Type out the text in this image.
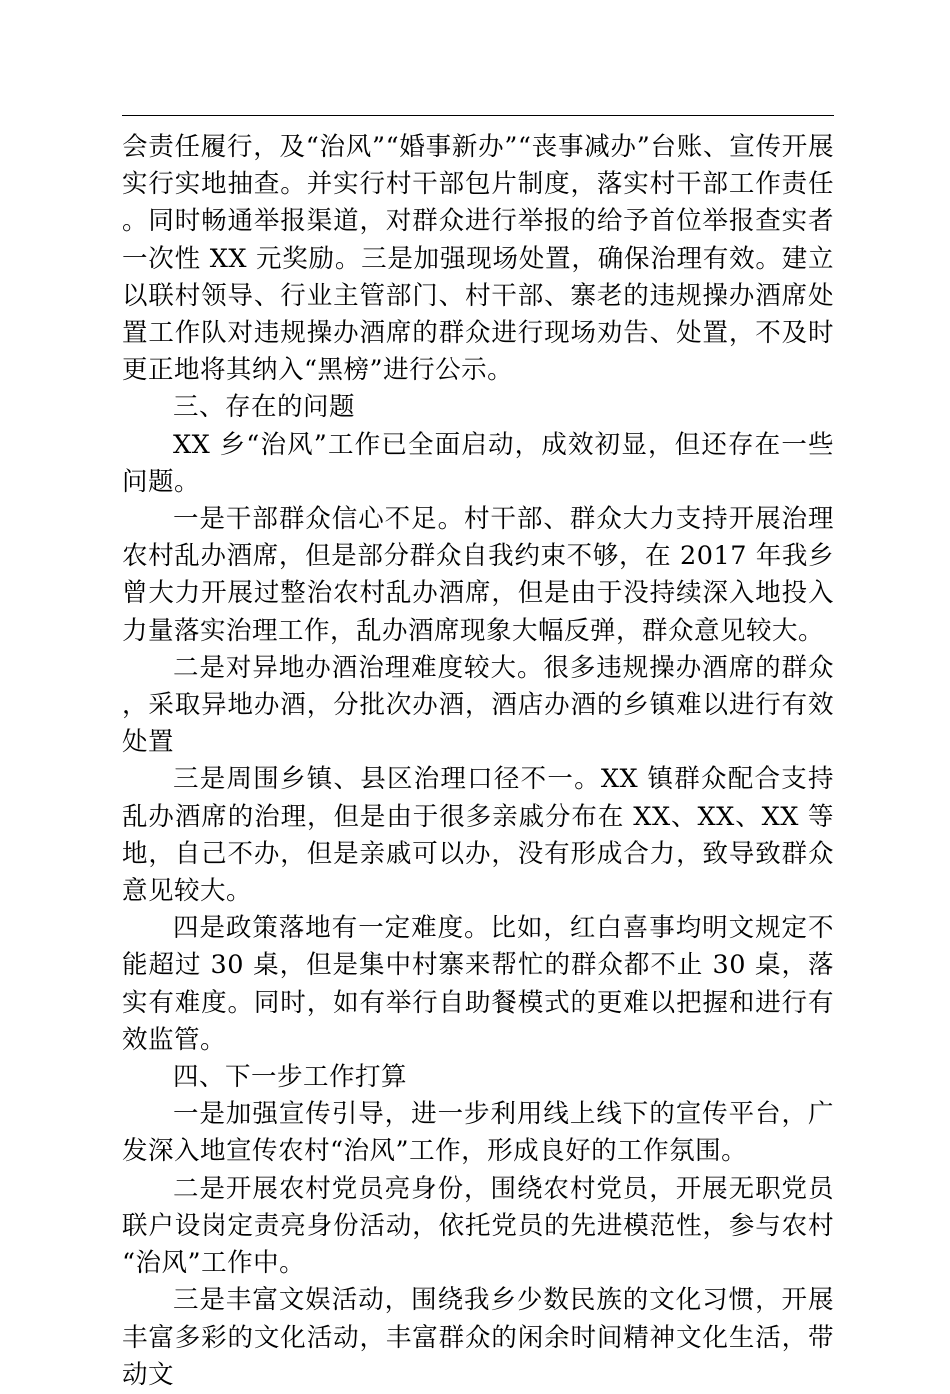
会责任履行，及“治风”“婚事新办”“丧事减办”台账、宣传开展实行实地抽查。并实行村干部包片制度，落实村干部工作责任。同时畅通举报渠道，对群众进行举报的给予首位举报查实者一次性 XX 元奖励。三是加强现场处置，确保治理有效。建立以联村领导、行业主管部门、村干部、寨老的违规操办酒席处置工作队对违规操办酒席的群众进行现场劝告、处置，不及时更正地将其纳入“黑榜”进行公示。

三、存在的问题

XX 乡“治风”工作已全面启动，成效初显，但还存在一些问题。

一是干部群众信心不足。村干部、群众大力支持开展治理农村乱办酒席，但是部分群众自我约束不够，在 2017 年我乡曾大力开展过整治农村乱办酒席，但是由于没持续深入地投入力量落实治理工作，乱办酒席现象大幅反弹，群众意见较大。

二是对异地办酒治理难度较大。很多违规操办酒席的群众，采取异地办酒，分批次办酒，酒店办酒的乡镇难以进行有效处置

三是周围乡镇、县区治理口径不一。XX 镇群众配合支持乱办酒席的治理，但是由于很多亲戚分布在 XX、XX、XX 等地，自己不办，但是亲戚可以办，没有形成合力，致导致群众意见较大。

四是政策落地有一定难度。比如，红白喜事均明文规定不能超过 30 桌，但是集中村寨来帮忙的群众都不止 30 桌，落实有难度。同时，如有举行自助餐模式的更难以把握和进行有效监管。

四、下一步工作打算

一是加强宣传引导，进一步利用线上线下的宣传平台，广发深入地宣传农村“治风”工作，形成良好的工作氛围。

二是开展农村党员亮身份，围绕农村党员，开展无职党员联户设岗定责亮身份活动，依托党员的先进模范性，参与农村“治风”工作中。

三是丰富文娱活动，围绕我乡少数民族的文化习惯，开展丰富多彩的文化活动，丰富群众的闲余时间精神文化生活，带动文
